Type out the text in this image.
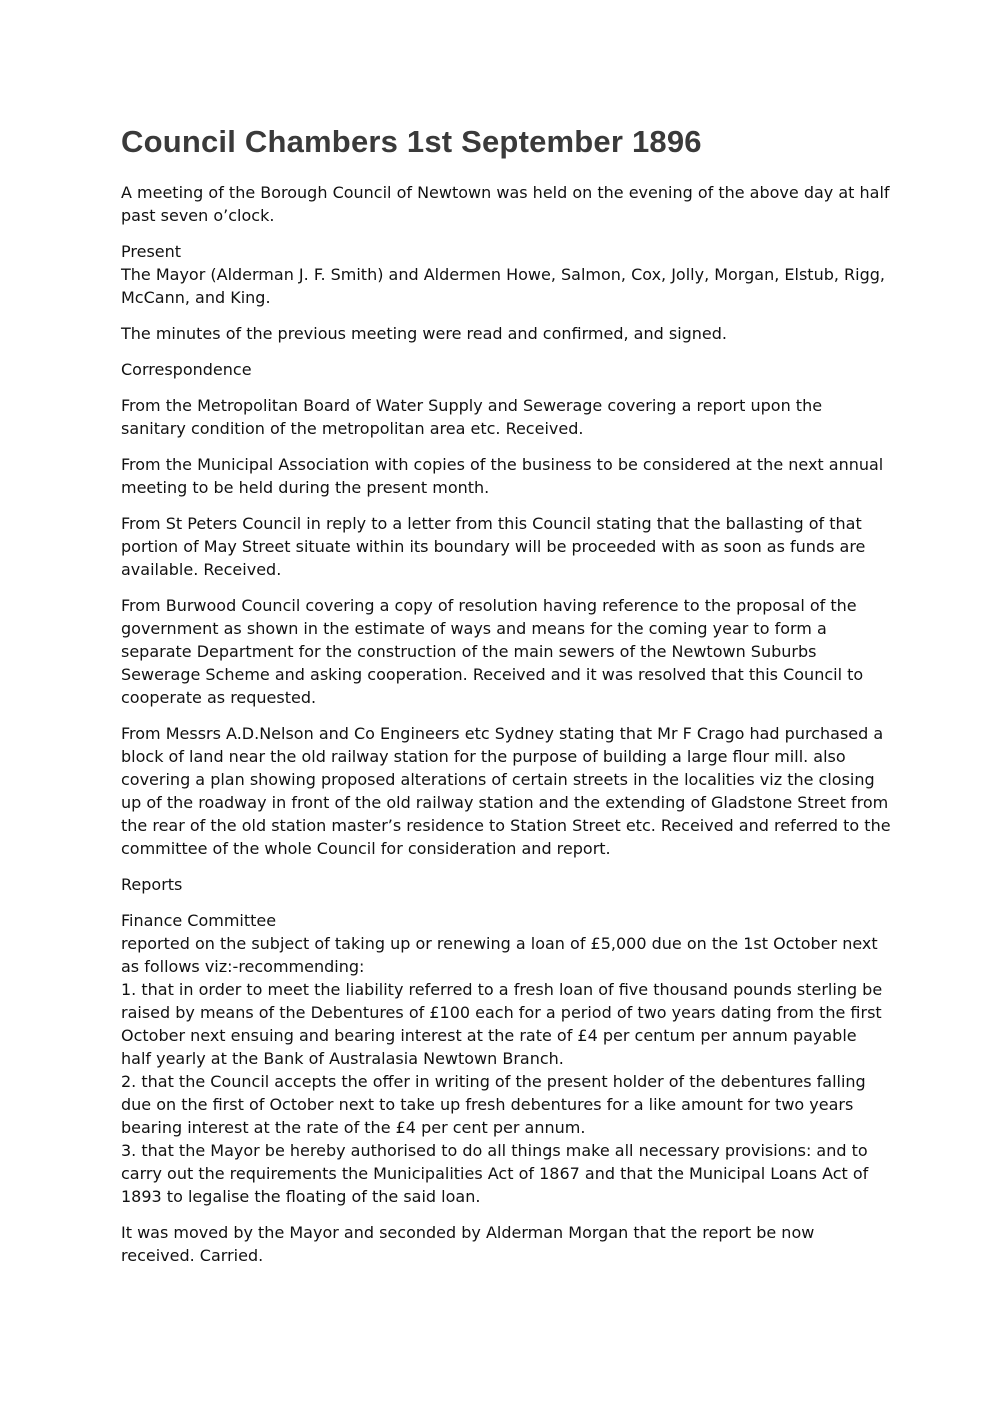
Council Chambers 1st September 1896

A meeting of the Borough Council of Newtown was held on the evening of the above day at half past seven o’clock.

Present
The Mayor (Alderman J. F. Smith) and Aldermen Howe, Salmon, Cox, Jolly, Morgan, Elstub, Rigg, McCann, and King.

The minutes of the previous meeting were read and confirmed, and signed.

Correspondence

From the Metropolitan Board of Water Supply and Sewerage covering a report upon the sanitary condition of the metropolitan area etc. Received.

From the Municipal Association with copies of the business to be considered at the next annual meeting to be held during the present month.

From St Peters Council in reply to a letter from this Council stating that the ballasting of that portion of May Street situate within its boundary will be proceeded with as soon as funds are available. Received.

From Burwood Council covering a copy of resolution having reference to the proposal of the government as shown in the estimate of ways and means for the coming year to form a separate Department for the construction of the main sewers of the Newtown Suburbs Sewerage Scheme and asking cooperation. Received and it was resolved that this Council to cooperate as requested.

From Messrs A.D.Nelson and Co Engineers etc Sydney stating that Mr F Crago had purchased a block of land near the old railway station for the purpose of building a large flour mill. also covering a plan showing proposed alterations of certain streets in the localities viz the closing up of the roadway in front of the old railway station and the extending of Gladstone Street from the rear of the old station master’s residence to Station Street etc. Received and referred to the committee of the whole Council for consideration and report.

Reports

Finance Committee
reported on the subject of taking up or renewing a loan of £5,000 due on the 1st October next as follows viz:-recommending:
1. that in order to meet the liability referred to a fresh loan of five thousand pounds sterling be raised by means of the Debentures of £100 each for a period of two years dating from the first October next ensuing and bearing interest at the rate of £4 per centum per annum payable half yearly at the Bank of Australasia Newtown Branch.
2. that the Council accepts the offer in writing of the present holder of the debentures falling due on the first of October next to take up fresh debentures for a like amount for two years bearing interest at the rate of the £4 per cent per annum.
3. that the Mayor be hereby authorised to do all things make all necessary provisions: and to carry out the requirements the Municipalities Act of 1867 and that the Municipal Loans Act of 1893 to legalise the floating of the said loan.

It was moved by the Mayor and seconded by Alderman Morgan that the report be now received. Carried.
